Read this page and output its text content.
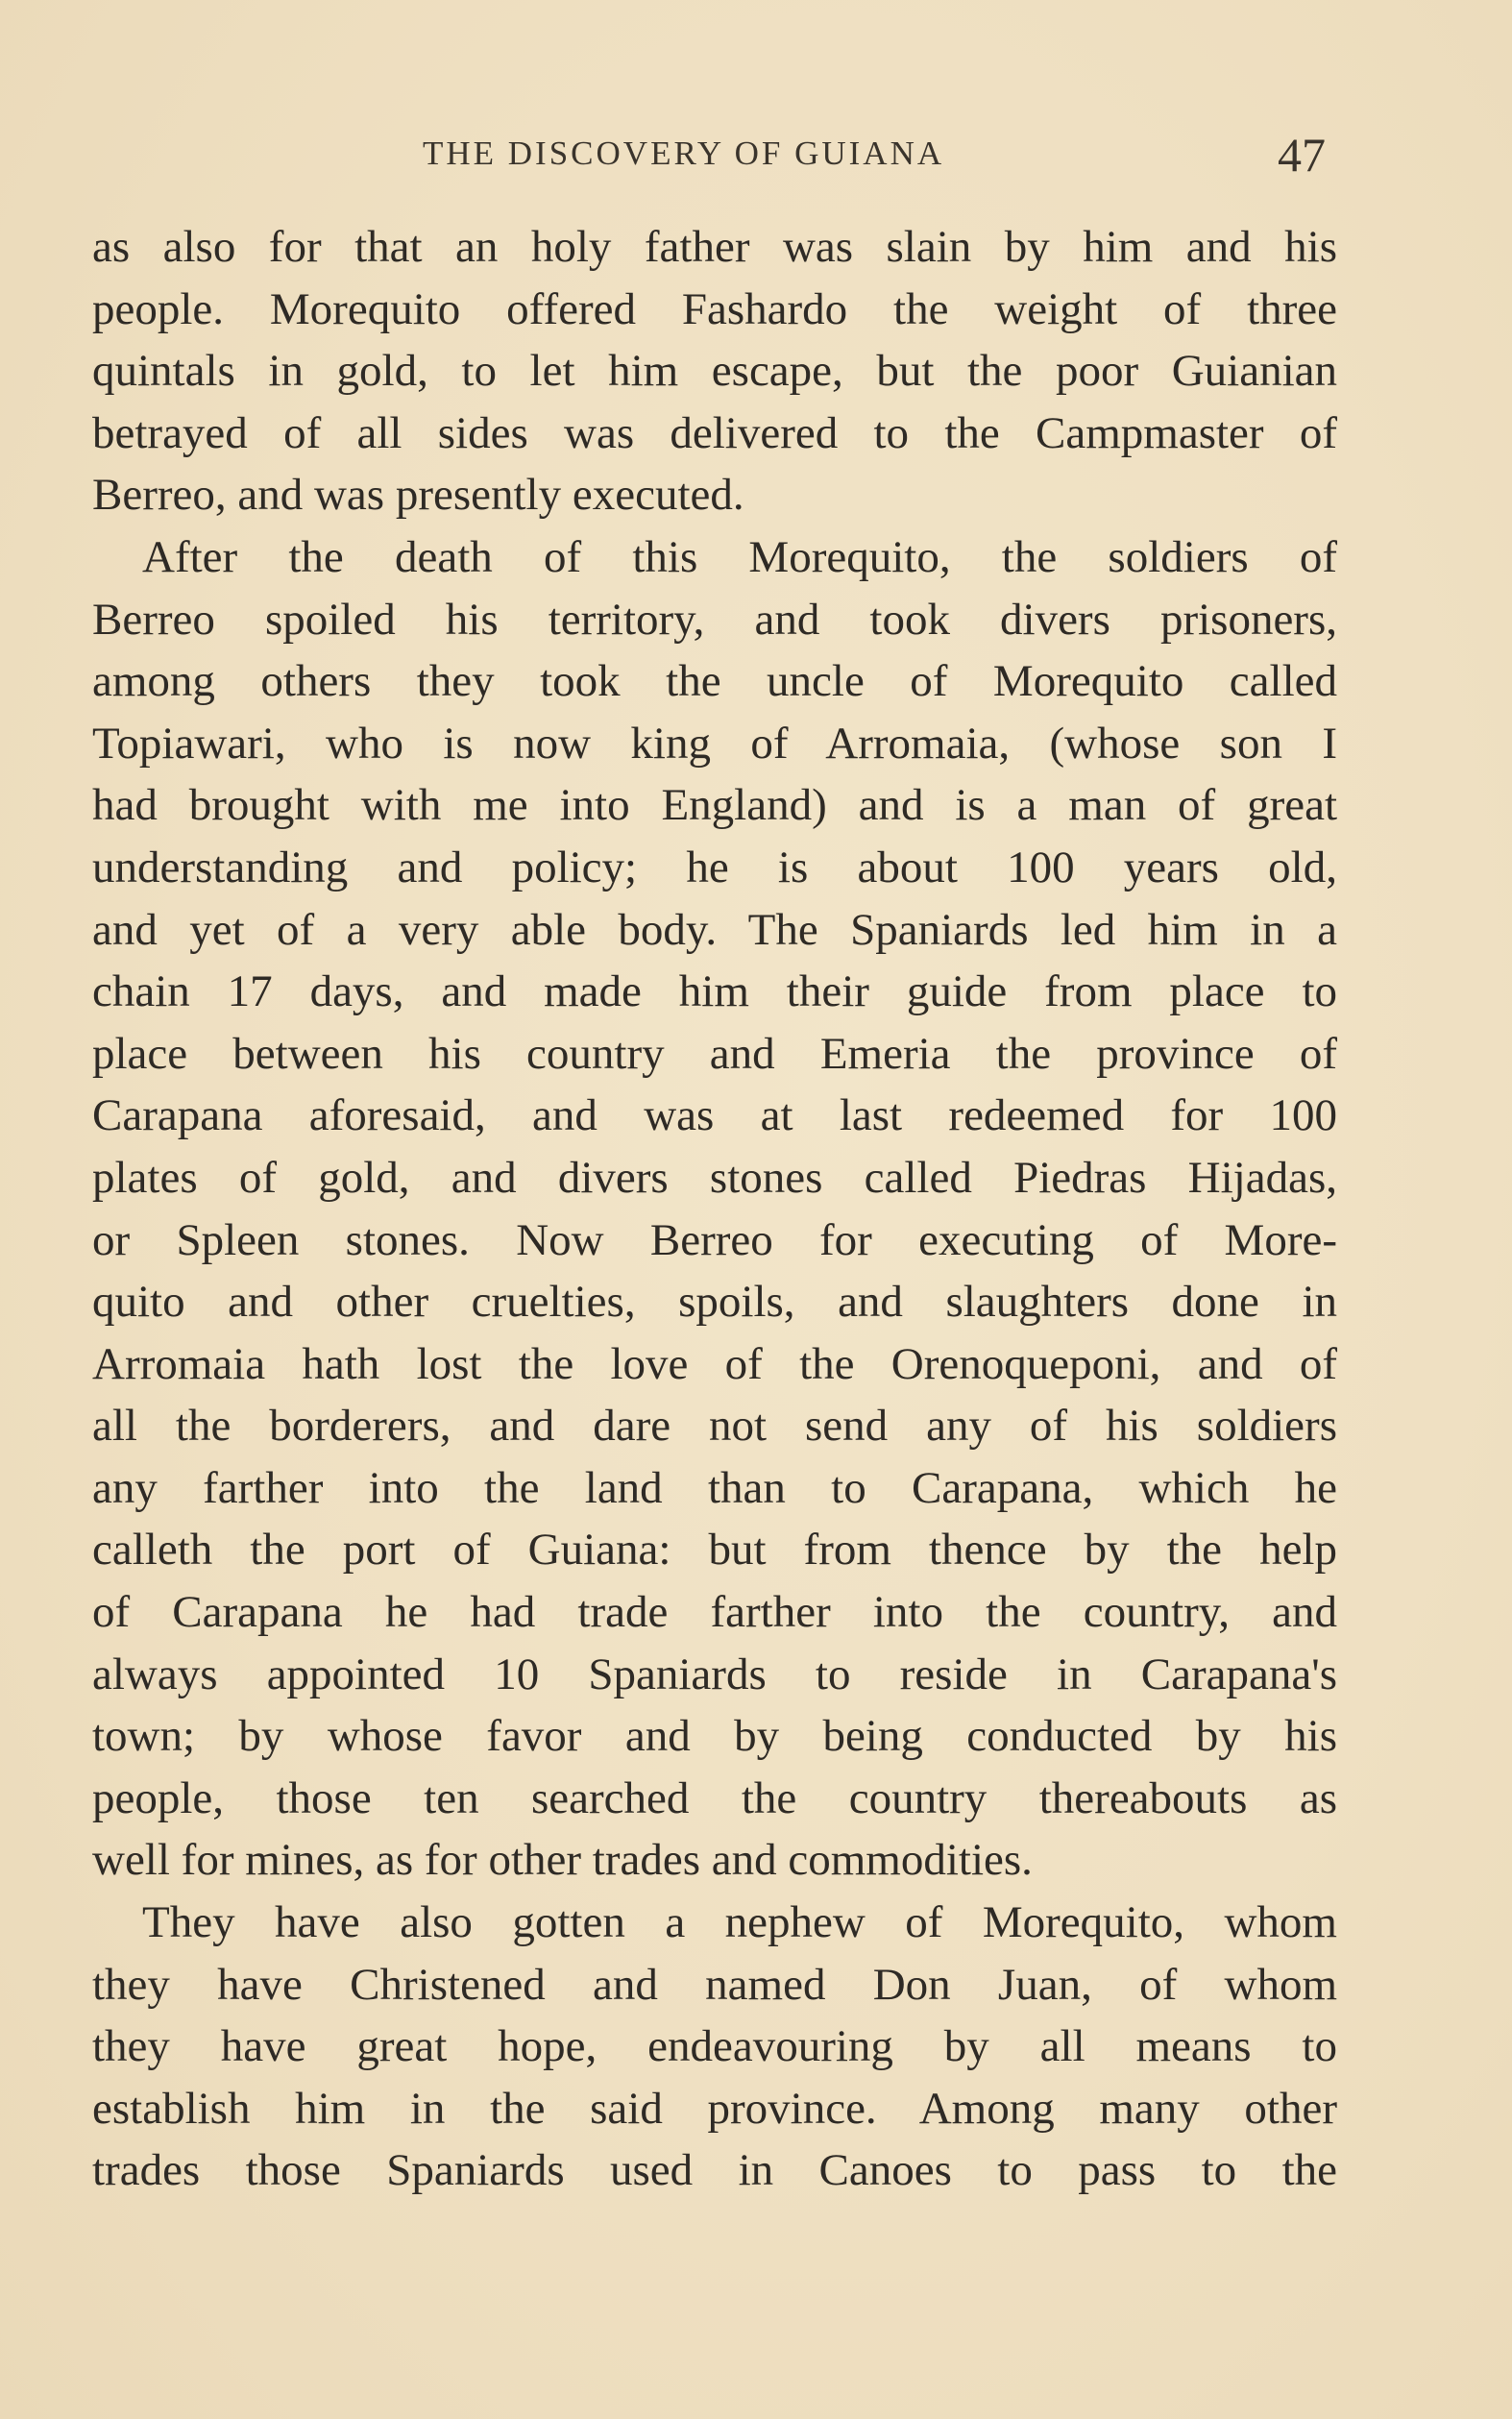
THE DISCOVERY OF GUIANA	47
as also for that an holy father was slain by him and his
people. Morequito offered Fashardo the weight of three
quintals in gold, to let him escape, but the poor Guianian
betrayed of all sides was delivered to the Campmaster of
Berreo, and was presently executed.
After the death of this Morequito, the soldiers of
Berreo spoiled his territory, and took divers prisoners,
among others they took the uncle of Morequito called
Topiawari, who is now king of Arromaia, (whose son I
had brought with me into England) and is a man of great
understanding and policy; he is about 100 years old,
and yet of a very able body. The Spaniards led him in a
chain 17 days, and made him their guide from place to
place between his country and Emeria the province of
Carapana aforesaid, and was at last redeemed for 100
plates of gold, and divers stones called Piedras Hijadas,
or Spleen stones. Now Berreo for executing of More-
quito and other cruelties, spoils, and slaughters done in
Arromaia hath lost the love of the Orenoqueponi, and of
all the borderers, and dare not send any of his soldiers
any farther into the land than to Carapana, which he
calleth the port of Guiana: but from thence by the help
of Carapana he had trade farther into the country, and
always appointed 10 Spaniards to reside in Carapana's
town; by whose favor and by being conducted by his
people, those ten searched the country thereabouts as
well for mines, as for other trades and commodities.
They have also gotten a nephew of Morequito, whom
they have Christened and named Don Juan, of whom
they have great hope, endeavouring by all means to
establish him in the said province. Among many other
trades those Spaniards used in Canoes to pass to the
